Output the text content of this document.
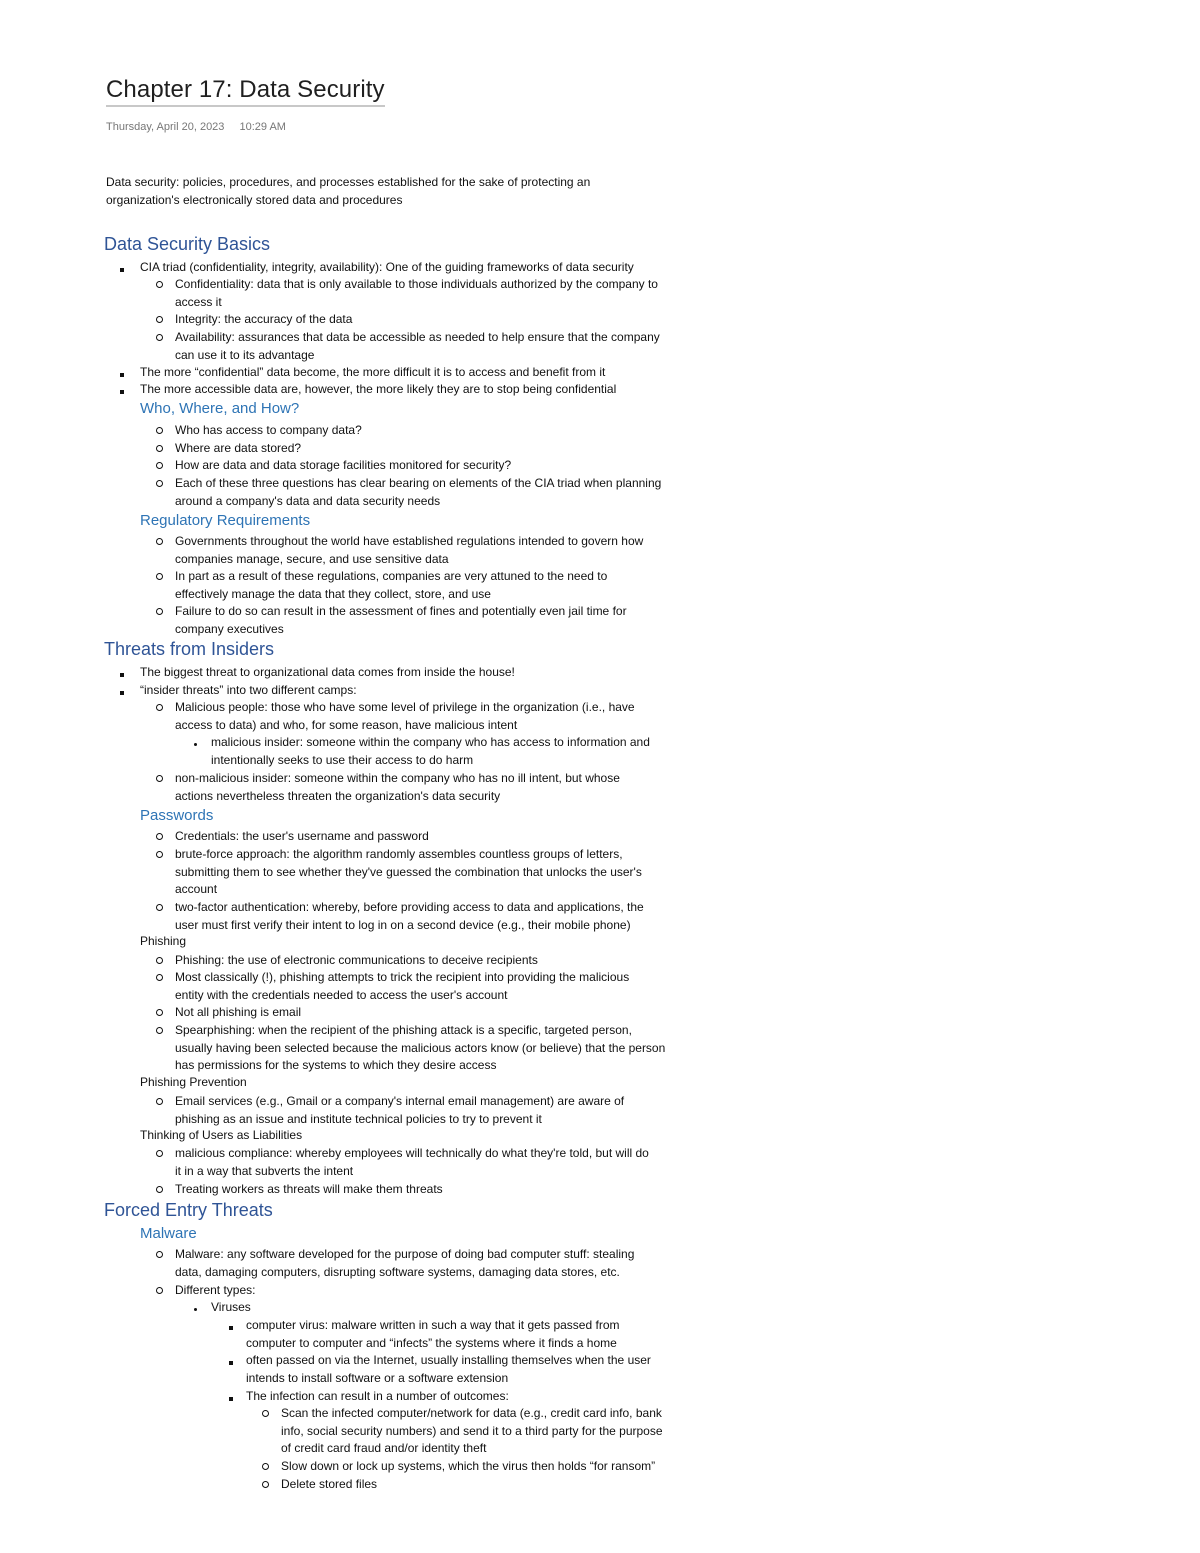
Chapter 17: Data Security
Thursday, April 20, 2023 10:29 AM
Data security: policies, procedures, and processes established for the sake of protecting an
organization's electronically stored data and procedures
Data Security Basics
CIA triad (confidentiality, integrity, availability): One of the guiding frameworks of data security
Confidentiality: data that is only available to those individuals authorized by the company to
access it
Integrity: the accuracy of the data
Availability: assurances that data be accessible as needed to help ensure that the company
can use it to its advantage
The more “confidential” data become, the more difficult it is to access and benefit from it
The more accessible data are, however, the more likely they are to stop being confidential
Who, Where, and How?
Who has access to company data?
Where are data stored?
How are data and data storage facilities monitored for security?
Each of these three questions has clear bearing on elements of the CIA triad when planning
around a company's data and data security needs
Regulatory Requirements
Governments throughout the world have established regulations intended to govern how
companies manage, secure, and use sensitive data
In part as a result of these regulations, companies are very attuned to the need to
effectively manage the data that they collect, store, and use
Failure to do so can result in the assessment of fines and potentially even jail time for
company executives
Threats from Insiders
The biggest threat to organizational data comes from inside the house!
“insider threats” into two different camps:
Malicious people: those who have some level of privilege in the organization (i.e., have
access to data) and who, for some reason, have malicious intent
malicious insider: someone within the company who has access to information and
intentionally seeks to use their access to do harm
non-malicious insider: someone within the company who has no ill intent, but whose
actions nevertheless threaten the organization's data security
Passwords
Credentials: the user's username and password
brute-force approach: the algorithm randomly assembles countless groups of letters,
submitting them to see whether they've guessed the combination that unlocks the user's
account
two-factor authentication: whereby, before providing access to data and applications, the
user must first verify their intent to log in on a second device (e.g., their mobile phone)
Phishing
Phishing: the use of electronic communications to deceive recipients
Most classically (!), phishing attempts to trick the recipient into providing the malicious
entity with the credentials needed to access the user's account
Not all phishing is email
Spearphishing: when the recipient of the phishing attack is a specific, targeted person,
usually having been selected because the malicious actors know (or believe) that the person
has permissions for the systems to which they desire access
Phishing Prevention
Email services (e.g., Gmail or a company's internal email management) are aware of
phishing as an issue and institute technical policies to try to prevent it
Thinking of Users as Liabilities
malicious compliance: whereby employees will technically do what they're told, but will do
it in a way that subverts the intent
Treating workers as threats will make them threats
Forced Entry Threats
Malware
Malware: any software developed for the purpose of doing bad computer stuff: stealing
data, damaging computers, disrupting software systems, damaging data stores, etc.
Different types:
Viruses
computer virus: malware written in such a way that it gets passed from
computer to computer and “infects” the systems where it finds a home
often passed on via the Internet, usually installing themselves when the user
intends to install software or a software extension
The infection can result in a number of outcomes:
Scan the infected computer/network for data (e.g., credit card info, bank
info, social security numbers) and send it to a third party for the purpose
of credit card fraud and/or identity theft
Slow down or lock up systems, which the virus then holds “for ransom”
Delete stored files
